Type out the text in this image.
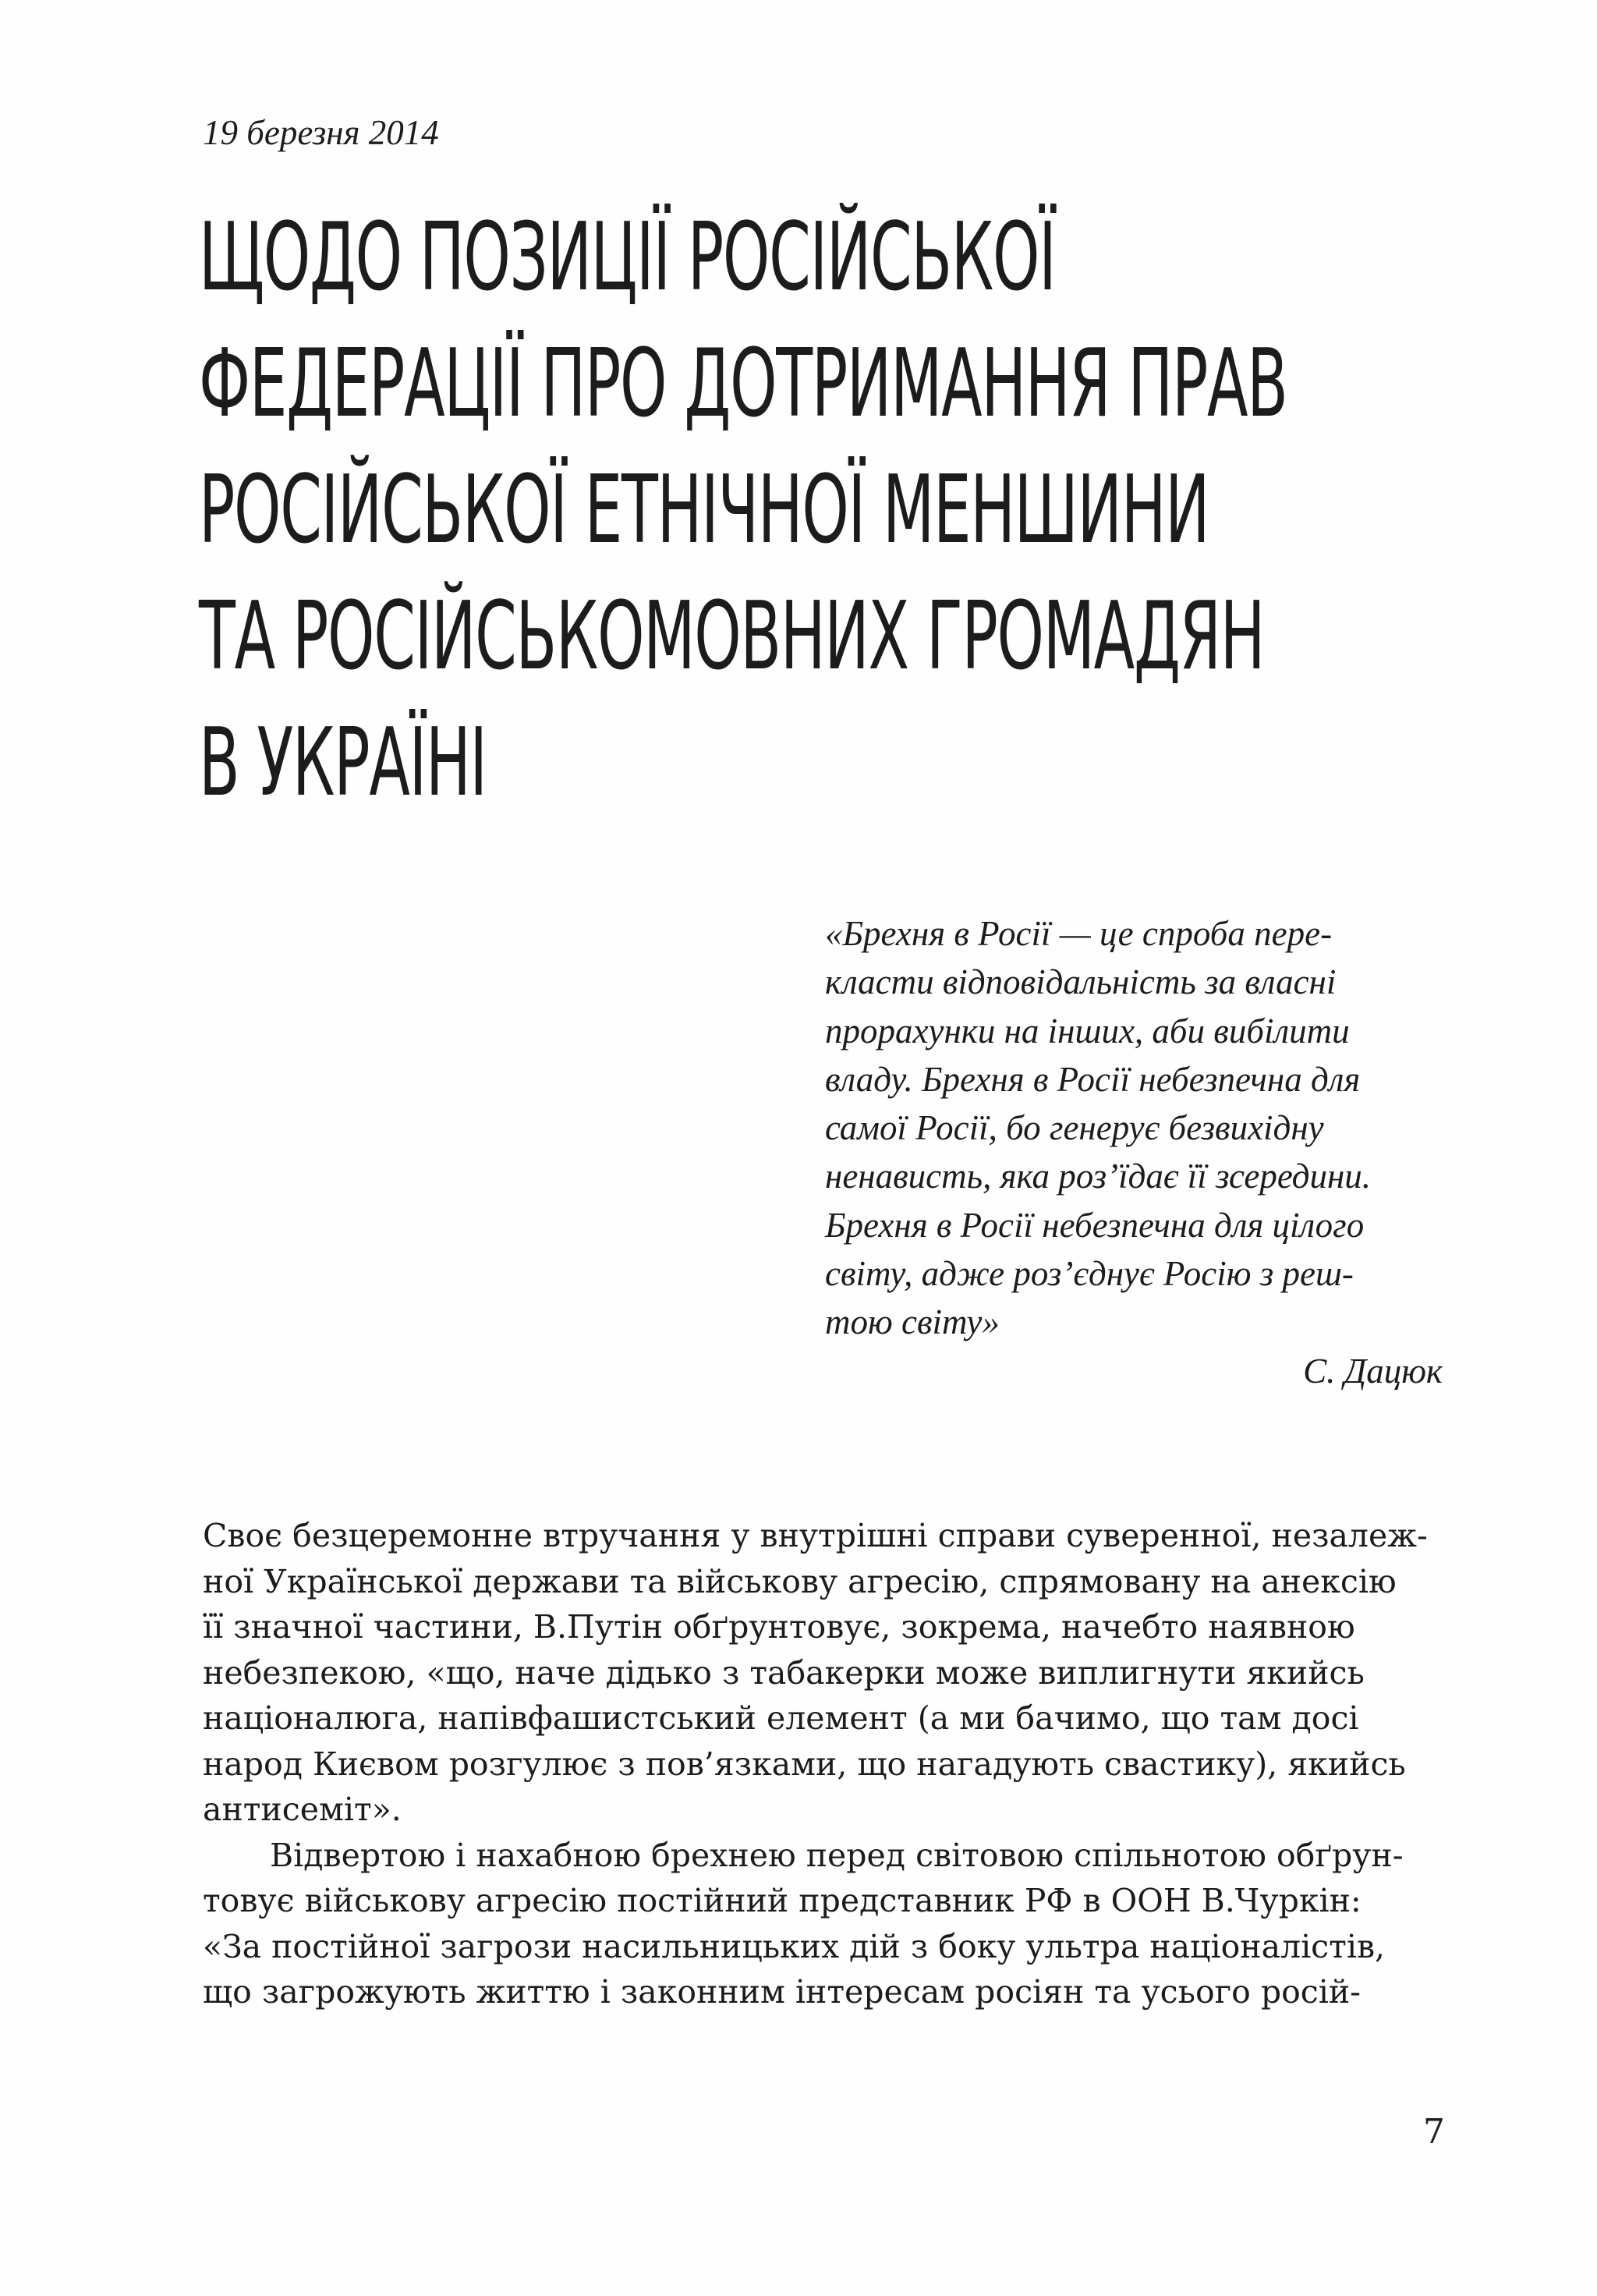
19 березня 2014
ЩОДО ПОЗИЦІЇ РОСІЙСЬКОЇ
ФЕДЕРАЦІЇ ПРО ДОТРИМАННЯ ПРАВ
РОСІЙСЬКОЇ ЕТНІЧНОЇ МЕНШИНИ
ТА РОСІЙСЬКОМОВНИХ ГРОМАДЯН
В УКРАЇНІ
«Брехня в Росії — це спроба пере-
класти відповідальність за власні
прорахунки на інших, аби вибілити
владу. Брехня в Росії небезпечна для
самої Росії, бо генерує безвихідну
ненависть, яка роз’їдає її зсередини.
Брехня в Росії небезпечна для цілого
світу, адже роз’єднує Росію з реш-
тою світу»
С. Дацюк
Своє безцеремонне втручання у внутрішні справи суверенної, незалеж-
ної Української держави та військову агресію, спрямовану на анексію
її значної частини, В.Путін обґрунтовує, зокрема, начебто наявною
небезпекою, «що, наче дідько з табакерки може виплигнути якийсь
націоналюга, напівфашистський елемент (а ми бачимо, що там досі
народ Києвом розгулює з пов’язками, що нагадують свастику), якийсь
антисеміт».
Відвертою і нахабною брехнею перед світовою спільнотою обґрун-
товує військову агресію постійний представник РФ в ООН В.Чуркін:
«За постійної загрози насильницьких дій з боку ультра націоналістів,
що загрожують життю і законним інтересам росіян та усього росій-
7
